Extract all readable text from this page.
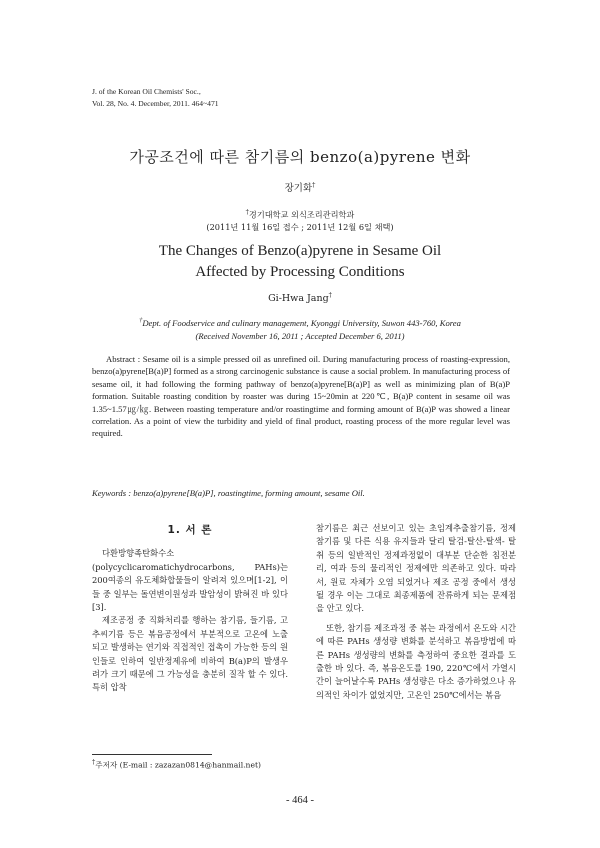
J. of the Korean Oil Chemists' Soc.,
Vol. 28, No. 4. December, 2011. 464~471
가공조건에 따른 참기름의 benzo(a)pyrene 변화
장기화†
†경기대학교 외식조리관리학과
(2011년 11월 16일 접수 ; 2011년 12월 6일 채택)
The Changes of Benzo(a)pyrene in Sesame Oil
Affected by Processing Conditions
Gi-Hwa Jang†
†Dept. of Foodservice and culinary management, Kyonggi University, Suwon 443-760, Korea
(Received November 16, 2011 ; Accepted December 6, 2011)
Abstract : Sesame oil is a simple pressed oil as unrefined oil. During manufacturing process of roasting-expression, benzo(a)pyrene[B(a)P] formed as a strong carcinogenic substance is cause a social problem. In manufacturing process of sesame oil, it had following the forming pathway of benzo(a)pyrene[B(a)P] as well as minimizing plan of B(a)P formation. Suitable roasting condition by roaster was during 15~20min at 220℃, B(a)P content in sesame oil was 1.35~1.57㎍/㎏. Between roasting temperature and/or roastingtime and forming amount of B(a)P was showed a linear correlation. As a point of view the turbidity and yield of final product, roasting process of the more regular level was required.
Keywords : benzo(a)pyrene[B(a)P], roastingtime, forming amount, sesame Oil.
1. 서 론

다환방향족탄화수소(polycyclicaromatichydrocarbons, PAHs)는 200여종의 유도체화합물들이 알려져 있으며[1-2], 이들 중 일부는 돌연변이원성과 발암성이 밝혀진 바 있다[3].

제조공정 중 직화처리를 행하는 참기름, 들기름, 고추씨기름 등은 볶음공정에서 부분적으로 고온에 노출되고 발생하는 연기와 직접적인 접촉이 가능한 등의 원인들로 인하여 일반정제유에 비하여 B(a)P의 발생우려가 크기 때문에 그 가능성을 충분히 질작 할 수 있다. 특히 압착

참기름은 최근 선보이고 있는 초임계추출참기름, 정제 참기름 및 다른 식용 유지들과 달리 탈검-탈산-탈색- 탈취 등의 일반적인 정제과정없이 대부분 단순한 침전분리, 여과 등의 물리적인 정제에만 의존하고 있다. 따라서, 원료 자체가 오염 되었거나 제조 공정 중에서 생성될 경우 이는 그대로 최종제품에 잔류하게 되는 문제점을 안고 있다.

또한, 참기름 제조과정 중 볶는 과정에서 온도와 시간에 따른 PAHs 생성량 변화를 분석하고 볶음방법에 따른 PAHs 생성량의 변화를 측정하여 중요한 결과를 도출한 바 있다. 즉, 볶음온도를 190, 220℃에서 가열시간이 늘어날수록 PAHs 생성량은 다소 증가하였으나 유의적인 차이가 없었지만, 고온인 250℃에서는 볶음

†주저자 (E-mail : zazazan0814@hanmail.net)
- 464 -
